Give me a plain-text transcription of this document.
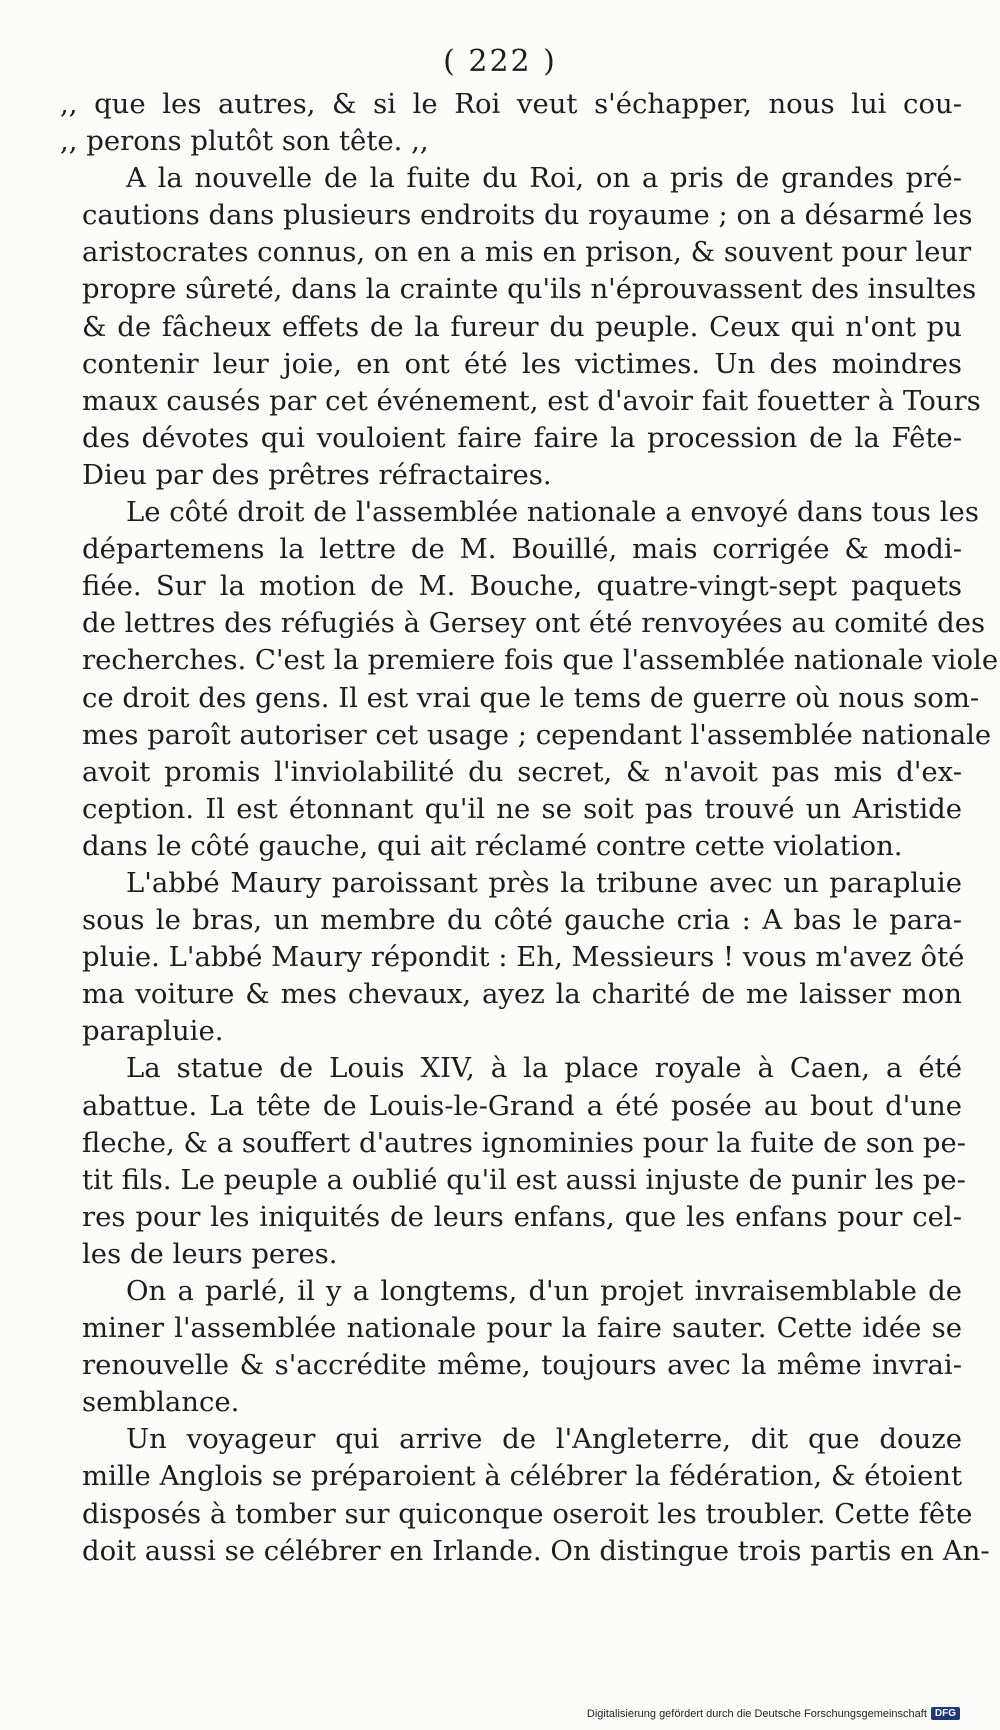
( 222 )
,, que les autres, & si le Roi veut s'échapper, nous lui cou-
,, perons plutôt son tête. ,,
A la nouvelle de la fuite du Roi, on a pris de grandes pré-
cautions dans plusieurs endroits du royaume ; on a désarmé les
aristocrates connus, on en a mis en prison, & souvent pour leur
propre sûreté, dans la crainte qu'ils n'éprouvassent des insultes
& de fâcheux effets de la fureur du peuple. Ceux qui n'ont pu
contenir leur joie, en ont été les victimes. Un des moindres
maux causés par cet événement, est d'avoir fait fouetter à Tours
des dévotes qui vouloient faire faire la procession de la Fête-
Dieu par des prêtres réfractaires.
Le côté droit de l'assemblée nationale a envoyé dans tous les
départemens la lettre de M. Bouillé, mais corrigée & modi-
fiée. Sur la motion de M. Bouche, quatre-vingt-sept paquets
de lettres des réfugiés à Gersey ont été renvoyées au comité des
recherches. C'est la premiere fois que l'assemblée nationale viole
ce droit des gens. Il est vrai que le tems de guerre où nous som-
mes paroît autoriser cet usage ; cependant l'assemblée nationale
avoit promis l'inviolabilité du secret, & n'avoit pas mis d'ex-
ception. Il est étonnant qu'il ne se soit pas trouvé un Aristide
dans le côté gauche, qui ait réclamé contre cette violation.
L'abbé Maury paroissant près la tribune avec un parapluie
sous le bras, un membre du côté gauche cria : A bas le para-
pluie. L'abbé Maury répondit : Eh, Messieurs ! vous m'avez ôté
ma voiture & mes chevaux, ayez la charité de me laisser mon
parapluie.
La statue de Louis XIV, à la place royale à Caen, a été
abattue. La tête de Louis-le-Grand a été posée au bout d'une
fleche, & a souffert d'autres ignominies pour la fuite de son pe-
tit fils. Le peuple a oublié qu'il est aussi injuste de punir les pe-
res pour les iniquités de leurs enfans, que les enfans pour cel-
les de leurs peres.
On a parlé, il y a longtems, d'un projet invraisemblable de
miner l'assemblée nationale pour la faire sauter. Cette idée se
renouvelle & s'accrédite même, toujours avec la même invrai-
semblance.
Un voyageur qui arrive de l'Angleterre, dit que douze
mille Anglois se préparoient à célébrer la fédération, & étoient
disposés à tomber sur quiconque oseroit les troubler. Cette fête
doit aussi se célébrer en Irlande. On distingue trois partis en An-
Digitalisierung gefördert durch die Deutsche Forschungsgemeinschaft DFG
